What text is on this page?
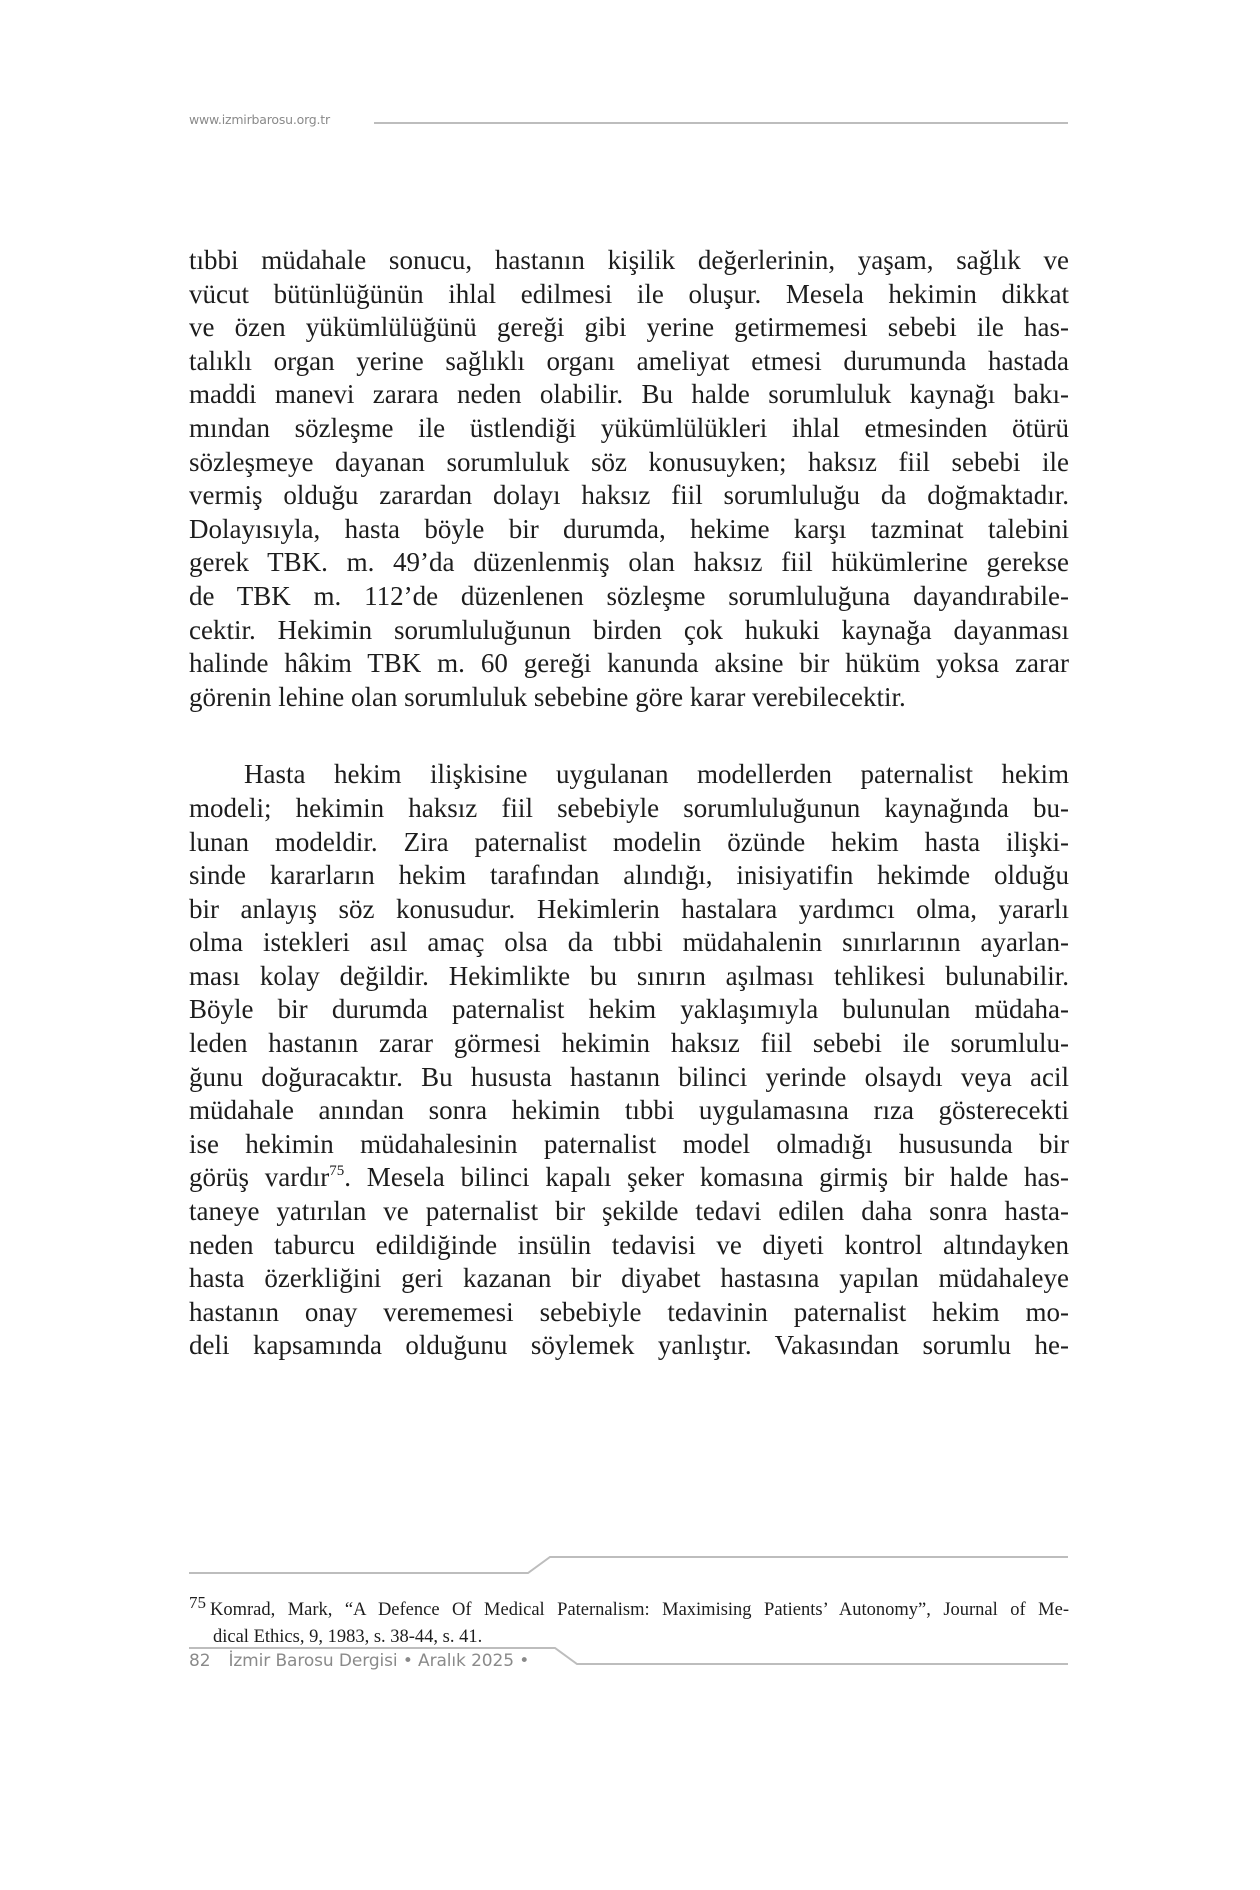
www.izmirbarosu.org.tr

tıbbi müdahale sonucu, hastanın kişilik değerlerinin, yaşam, sağlık ve
vücut bütünlüğünün ihlal edilmesi ile oluşur. Mesela hekimin dikkat
ve özen yükümlülüğünü gereği gibi yerine getirmemesi sebebi ile has-
talıklı organ yerine sağlıklı organı ameliyat etmesi durumunda hastada
maddi manevi zarara neden olabilir. Bu halde sorumluluk kaynağı bakı-
mından sözleşme ile üstlendiği yükümlülükleri ihlal etmesinden ötürü
sözleşmeye dayanan sorumluluk söz konusuyken; haksız fiil sebebi ile
vermiş olduğu zarardan dolayı haksız fiil sorumluluğu da doğmaktadır.
Dolayısıyla, hasta böyle bir durumda, hekime karşı tazminat talebini
gerek TBK. m. 49’da düzenlenmiş olan haksız fiil hükümlerine gerekse
de TBK m. 112’de düzenlenen sözleşme sorumluluğuna dayandırabile-
cektir. Hekimin sorumluluğunun birden çok hukuki kaynağa dayanması
halinde hâkim TBK m. 60 gereği kanunda aksine bir hüküm yoksa zarar
görenin lehine olan sorumluluk sebebine göre karar verebilecektir.

Hasta hekim ilişkisine uygulanan modellerden paternalist hekim
modeli; hekimin haksız fiil sebebiyle sorumluluğunun kaynağında bu-
lunan modeldir. Zira paternalist modelin özünde hekim hasta ilişki-
sinde kararların hekim tarafından alındığı, inisiyatifin hekimde olduğu
bir anlayış söz konusudur. Hekimlerin hastalara yardımcı olma, yararlı
olma istekleri asıl amaç olsa da tıbbi müdahalenin sınırlarının ayarlan-
ması kolay değildir. Hekimlikte bu sınırın aşılması tehlikesi bulunabilir.
Böyle bir durumda paternalist hekim yaklaşımıyla bulunulan müdaha-
leden hastanın zarar görmesi hekimin haksız fiil sebebi ile sorumlulu-
ğunu doğuracaktır. Bu hususta hastanın bilinci yerinde olsaydı veya acil
müdahale anından sonra hekimin tıbbi uygulamasına rıza gösterecekti
ise hekimin müdahalesinin paternalist model olmadığı hususunda bir
görüş vardır$^{75}$. Mesela bilinci kapalı şeker komasına girmiş bir halde has-
taneye yatırılan ve paternalist bir şekilde tedavi edilen daha sonra hasta-
neden taburcu edildiğinde insülin tedavisi ve diyeti kontrol altındayken
hasta özerkliğini geri kazanan bir diyabet hastasına yapılan müdahaleye
hastanın onay verememesi sebebiyle tedavinin paternalist hekim mo-
deli kapsamında olduğunu söylemek yanlıştır. Vakasından sorumlu he-

75 Komrad, Mark, “A Defence Of Medical Paternalism: Maximising Patients’ Autonomy”, Journal of Me-
dical Ethics, 9, 1983, s. 38-44, s. 41.
82 İzmir Barosu Dergisi • Aralık 2025 •
